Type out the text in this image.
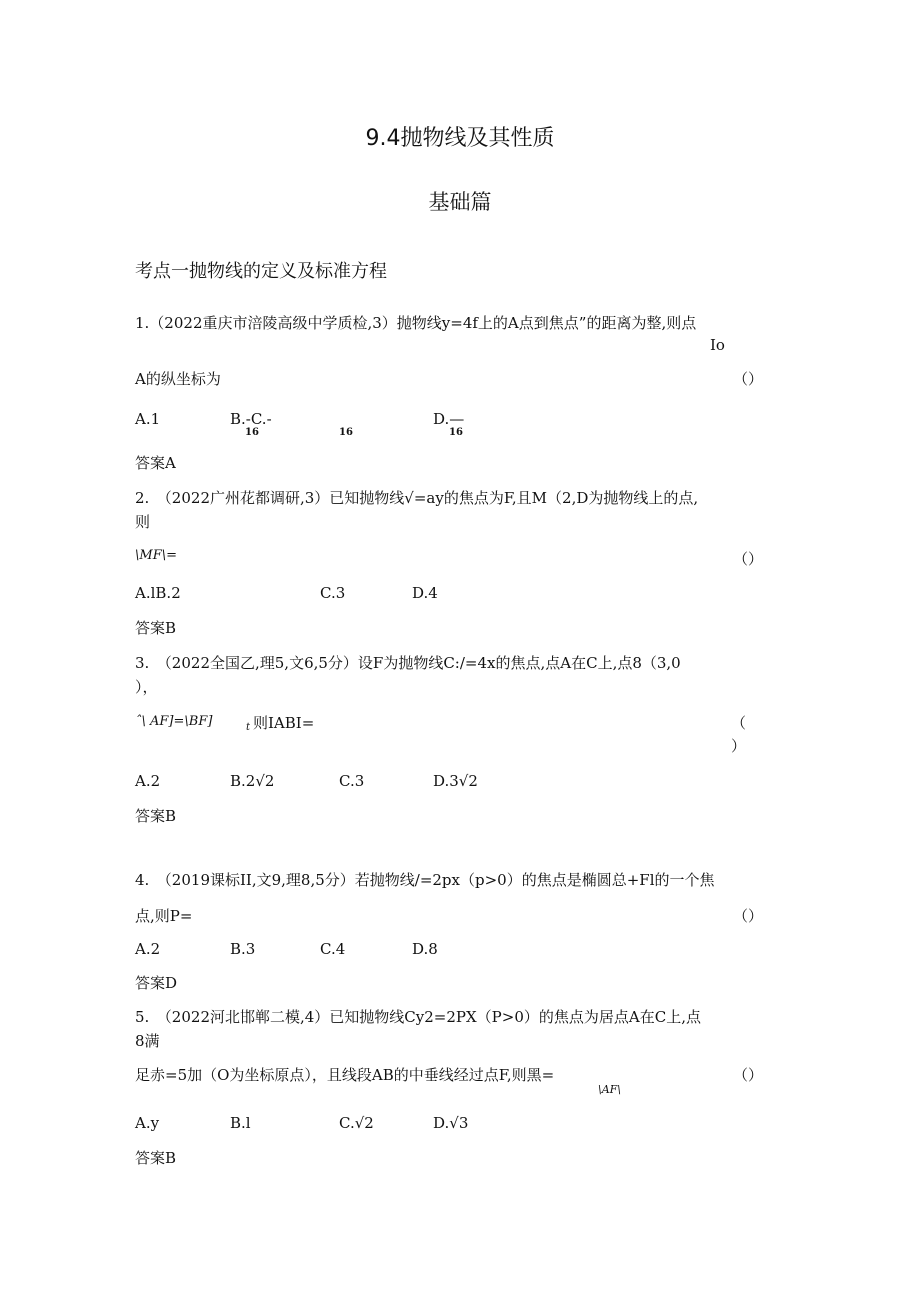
9.4抛物线及其性质
基础篇
考点一抛物线的定义及标准方程
1.（2022重庆市涪陵高级中学质检,3）抛物线y=4f上的A点到焦点”的距离为整,则点
Io
A的纵坐标为	（）
A.1	B.-C.-
16	16
D.—
16
答案A
2.　（2022广州花都调研,3）已知抛物线√=ay的焦点为F,且M（2,D为抛物线上的点,
则
\MF\=	（）
A.lB.2	C.3	D.4
答案B
3.　（2022全国乙,理5,文6,5分）设F为抛物线C:/=4x的焦点,点A在C上,点8（3,0
），
ˆ\ AF]=\BF]	t 则IABI=	（
）
A.2	B.2√2	C.3	D.3√2
答案B
4.　（2019课标II,文9,理8,5分）若抛物线/=2px（p>0）的焦点是椭圆总+Fl的一个焦
点,则P=	（）
A.2	B.3	C.4	D.8
答案D
5.　（2022河北邯郸二模,4）已知抛物线Cy2=2PX（P>0）的焦点为居点A在C上,点
8满
足赤=5加（O为坐标原点），且线段AB的中垂线经过点F,则黑=
\AF\
（）
A.y	B.l	C.√2	D.√3
答案B
